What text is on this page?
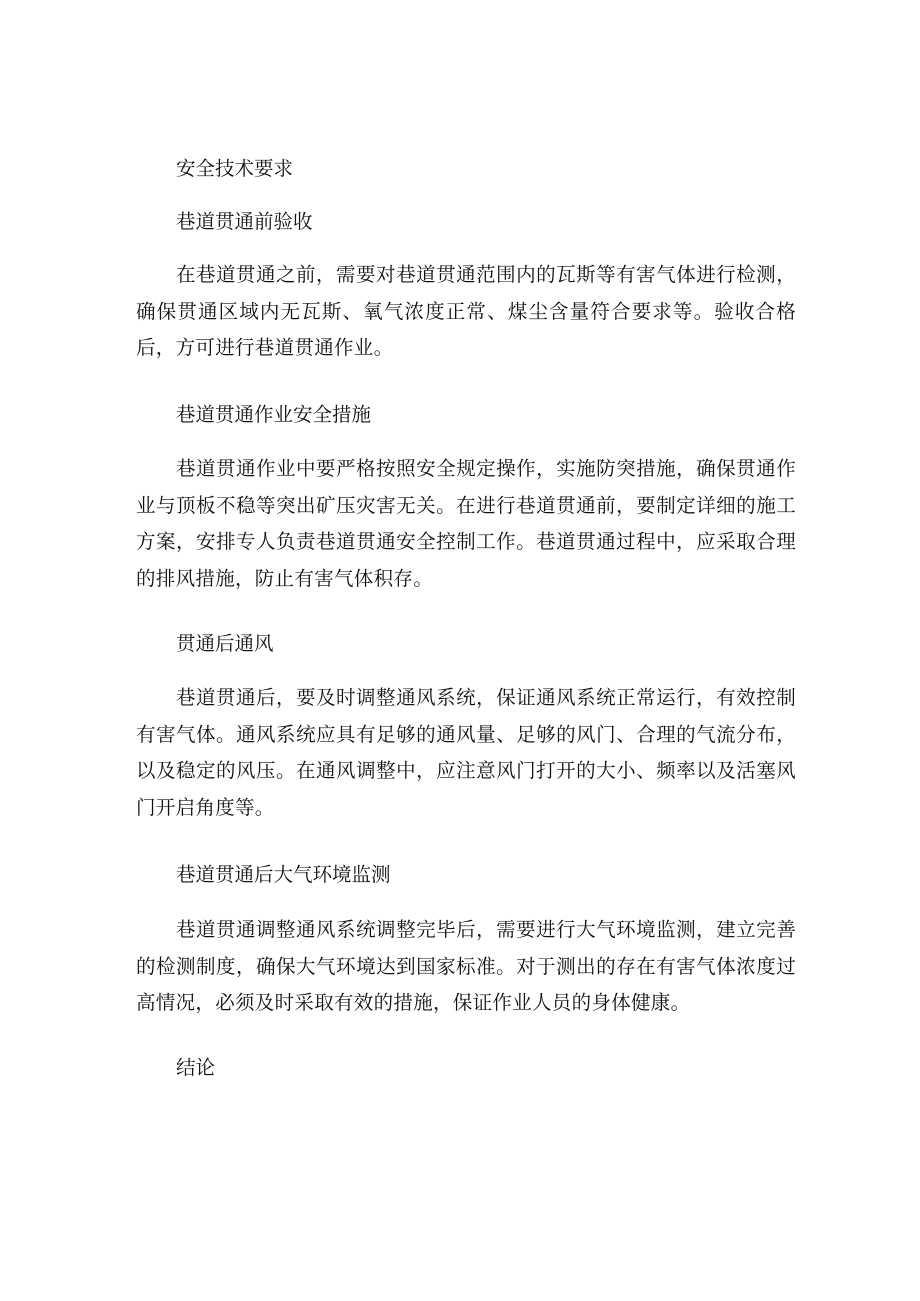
安全技术要求

巷道贯通前验收

在巷道贯通之前，需要对巷道贯通范围内的瓦斯等有害气体进行检测，确保贯通区域内无瓦斯、氧气浓度正常、煤尘含量符合要求等。验收合格后，方可进行巷道贯通作业。

巷道贯通作业安全措施

巷道贯通作业中要严格按照安全规定操作，实施防突措施，确保贯通作业与顶板不稳等突出矿压灾害无关。在进行巷道贯通前，要制定详细的施工方案，安排专人负责巷道贯通安全控制工作。巷道贯通过程中，应采取合理的排风措施，防止有害气体积存。

贯通后通风

巷道贯通后，要及时调整通风系统，保证通风系统正常运行，有效控制有害气体。通风系统应具有足够的通风量、足够的风门、合理的气流分布，以及稳定的风压。在通风调整中，应注意风门打开的大小、频率以及活塞风门开启角度等。

巷道贯通后大气环境监测

巷道贯通调整通风系统调整完毕后，需要进行大气环境监测，建立完善的检测制度，确保大气环境达到国家标准。对于测出的存在有害气体浓度过高情况，必须及时采取有效的措施，保证作业人员的身体健康。

结论
